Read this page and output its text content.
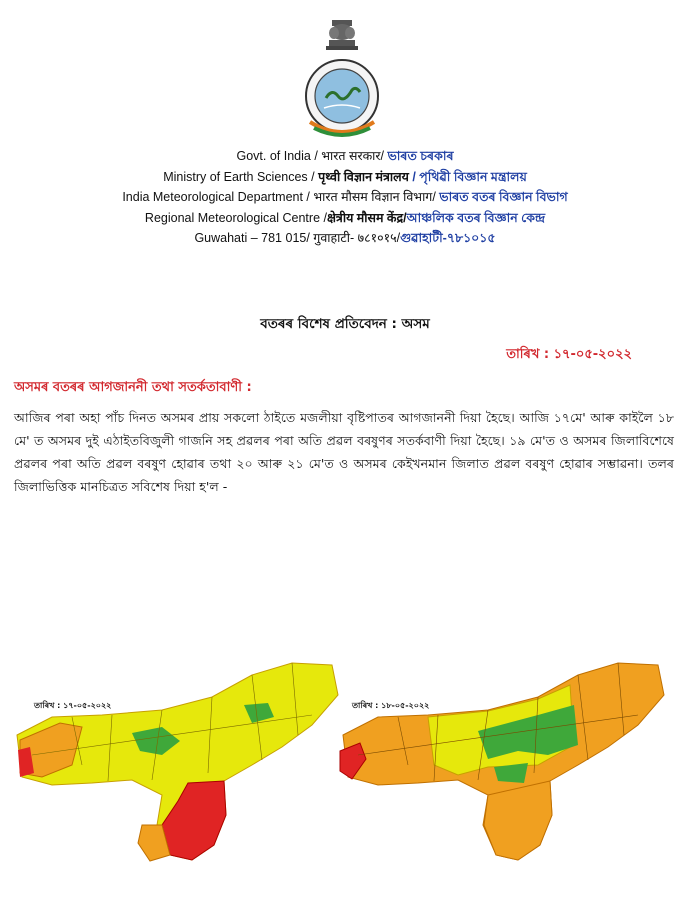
Govt. of India / भारत सरकार/ ভাৰত চৰকাৰ
Ministry of Earth Sciences / पृथ्वी विज्ञान मंत्रालय / পৃথিৱী বিজ্ঞান মন্ত্ৰালয়
India Meteorological Department / भारत मौसम विज्ञान विभाग/ ভাৰত বতৰ বিজ্ঞান বিভাগ
Regional Meteorological Centre /क्षेत्रीय मौसम केंद्र/আঞ্চলিক বতৰ বিজ্ঞান কেন্দ্ৰ
Guwahati – 781 015/ गुवाहाटी- ७८१०१५/গুৱাহাটী-৭৮১০১৫
বতৰৰ বিশেষ প্ৰতিবেদন : অসম
তাৰিখ : ১৭-০৫-২০২২
অসমৰ বতৰৰ আগজাননী তথা সতৰ্কতাবাণী :

আজিৰ পৰা অহা পাঁচ দিনত অসমৰ প্ৰায় সকলো ঠাইতে মজলীয়া বৃষ্টিপাতৰ আগজাননী দিয়া হৈছে। আজি ১৭মে' আৰু কাইলৈ ১৮ মে' ত অসমৰ দুই এঠাইতবিজুলী গাজনি সহ প্ৰৱলৰ পৰা অতি প্ৰৱল বৰষুণৰ সতৰ্কবাণী দিয়া হৈছে। ১৯ মে'ত ও অসমৰ জিলাবিশেষে প্ৰৱলৰ পৰা অতি প্ৰৱল বৰষুণ হোৱাৰ তথা ২০ আৰু ২১ মে'ত ও অসমৰ কেইখনমান জিলাত প্ৰৱল বৰষুণ হোৱাৰ সম্ভাৱনা। তলৰ জিলাভিত্তিক মানচিত্ৰত সবিশেষ দিয়া হ'ল -

তাৰিখ : ১৭-০৫-২০২২	তাৰিখ : ১৮-০৫-২০২২
